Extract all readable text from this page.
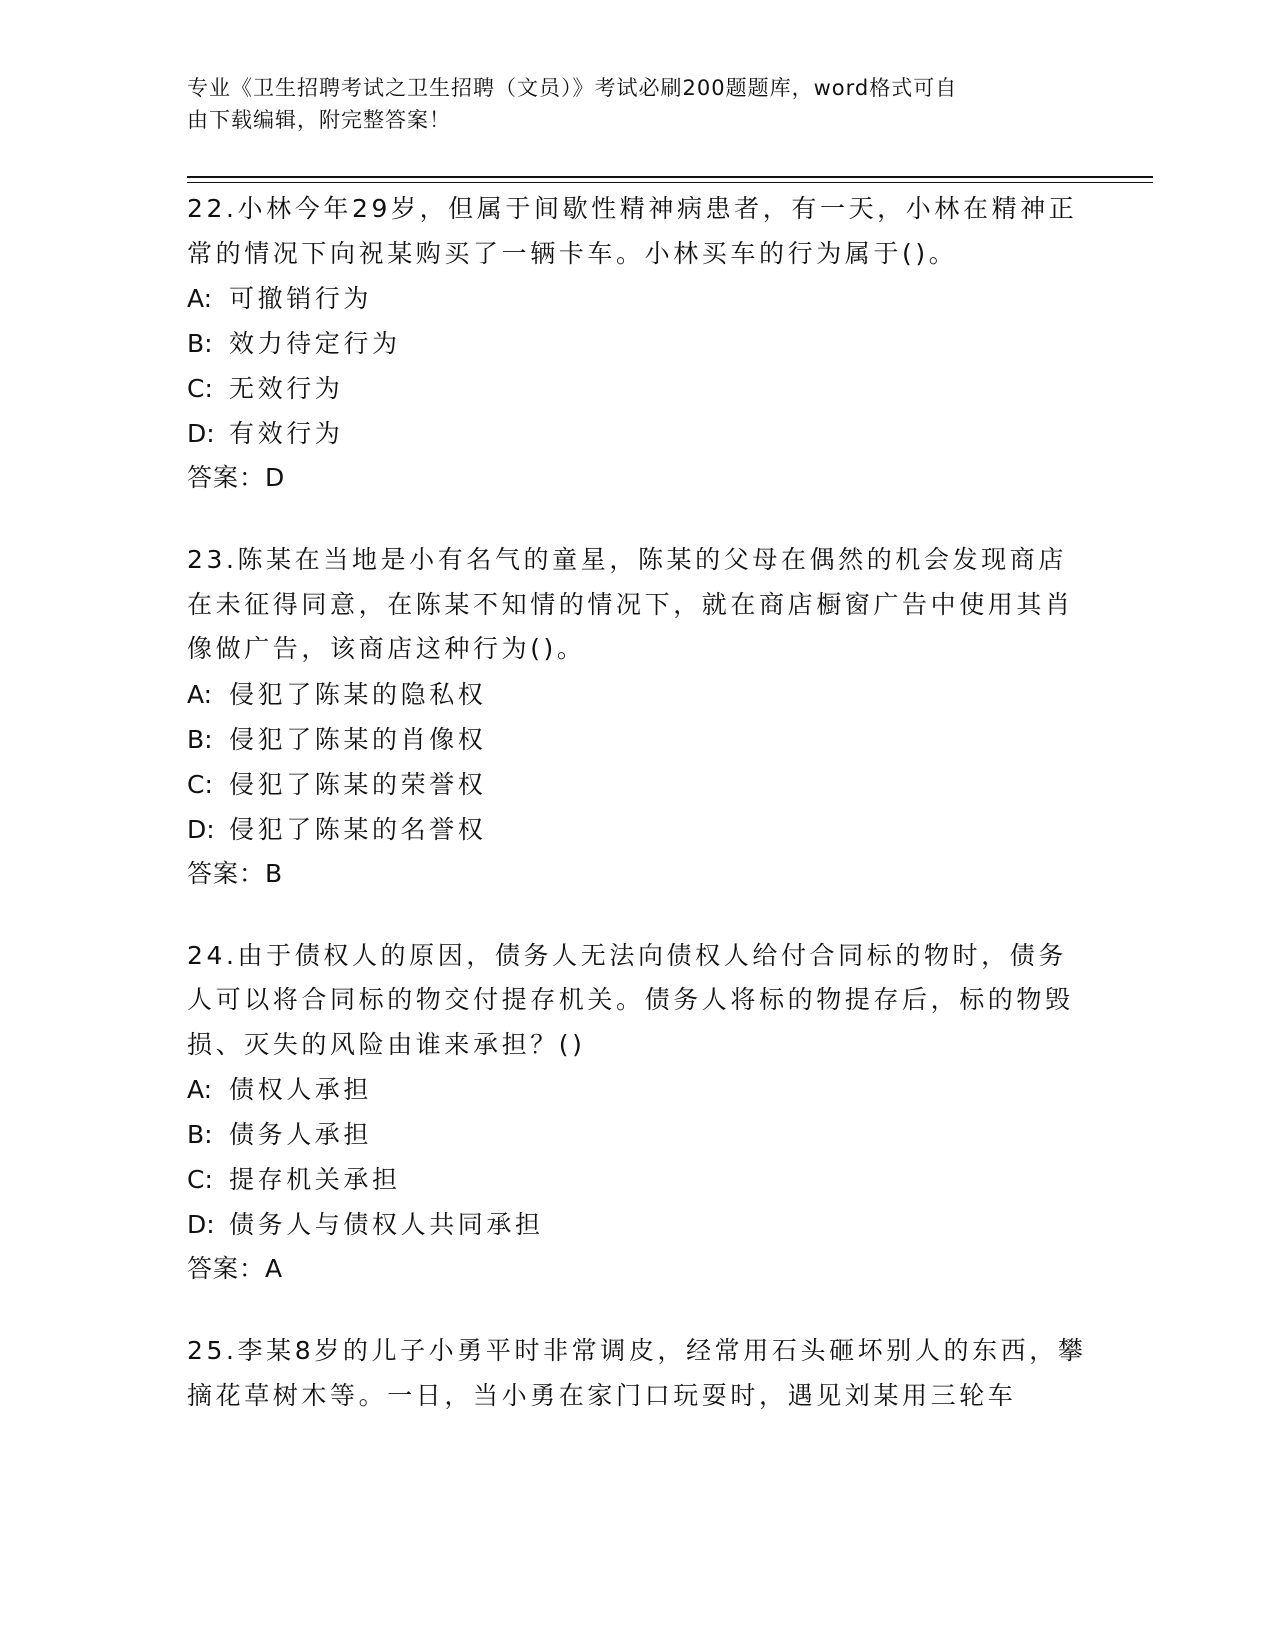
专业《卫生招聘考试之卫生招聘（文员）》考试必刷200题题库，word格式可自
由下载编辑，附完整答案！

22.小林今年29岁，但属于间歇性精神病患者，有一天，小林在精神正常的情况下向祝某购买了一辆卡车。小林买车的行为属于()。

A: 可撤销行为

B: 效力待定行为

C: 无效行为

D: 有效行为

答案：D

23.陈某在当地是小有名气的童星，陈某的父母在偶然的机会发现商店在未征得同意，在陈某不知情的情况下，就在商店橱窗广告中使用其肖像做广告，该商店这种行为()。

A: 侵犯了陈某的隐私权

B: 侵犯了陈某的肖像权

C: 侵犯了陈某的荣誉权

D: 侵犯了陈某的名誉权

答案：B

24.由于债权人的原因，债务人无法向债权人给付合同标的物时，债务人可以将合同标的物交付提存机关。债务人将标的物提存后，标的物毁损、灭失的风险由谁来承担？()

A: 债权人承担

B: 债务人承担

C: 提存机关承担

D: 债务人与债权人共同承担

答案：A

25.李某8岁的儿子小勇平时非常调皮，经常用石头砸坏别人的东西，攀摘花草树木等。一日，当小勇在家门口玩耍时，遇见刘某用三轮车
